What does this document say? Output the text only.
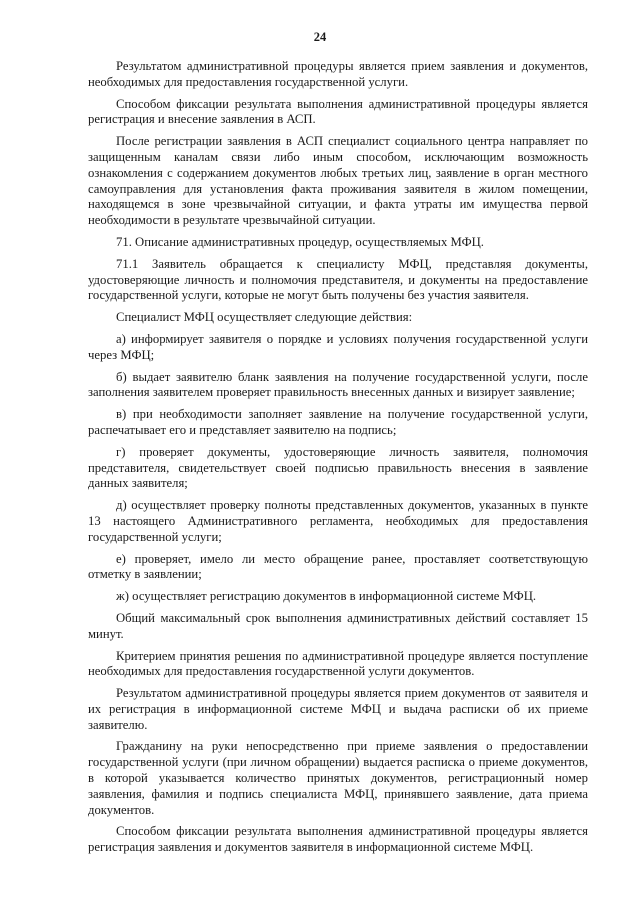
24

Результатом административной процедуры является прием заявления и документов, необходимых для предоставления государственной услуги.

Способом фиксации результата выполнения административной процедуры является регистрация и внесение заявления в АСП.

После регистрации заявления в АСП специалист социального центра направляет по защищенным каналам связи либо иным способом, исключающим возможность ознакомления с содержанием документов любых третьих лиц, заявление в орган местного самоуправления для установления факта проживания заявителя в жилом помещении, находящемся в зоне чрезвычайной ситуации, и факта утраты им имущества первой необходимости в результате чрезвычайной ситуации.

71. Описание административных процедур, осуществляемых МФЦ.

71.1 Заявитель обращается к специалисту МФЦ, представляя документы, удостоверяющие личность и полномочия представителя, и документы на предоставление государственной услуги, которые не могут быть получены без участия заявителя.

Специалист МФЦ осуществляет следующие действия:

а) информирует заявителя о порядке и условиях получения государственной услуги через МФЦ;

б) выдает заявителю бланк заявления на получение государственной услуги, после заполнения заявителем проверяет правильность внесенных данных и визирует заявление;

в) при необходимости заполняет заявление на получение государственной услуги, распечатывает его и представляет заявителю на подпись;

г) проверяет документы, удостоверяющие личность заявителя, полномочия представителя, свидетельствует своей подписью правильность внесения в заявление данных заявителя;

д) осуществляет проверку полноты представленных документов, указанных в пункте 13 настоящего Административного регламента, необходимых для предоставления государственной услуги;

е) проверяет, имело ли место обращение ранее, проставляет соответствующую отметку в заявлении;

ж) осуществляет регистрацию документов в информационной системе МФЦ.

Общий максимальный срок выполнения административных действий составляет 15 минут.

Критерием принятия решения по административной процедуре является поступление необходимых для предоставления государственной услуги документов.

Результатом административной процедуры является прием документов от заявителя и их регистрация в информационной системе МФЦ и выдача расписки об их приеме заявителю.

Гражданину на руки непосредственно при приеме заявления о предоставлении государственной услуги (при личном обращении) выдается расписка о приеме документов, в которой указывается количество принятых документов, регистрационный номер заявления, фамилия и подпись специалиста МФЦ, принявшего заявление, дата приема документов.

Способом фиксации результата выполнения административной процедуры является регистрация заявления и документов заявителя в информационной системе МФЦ.
